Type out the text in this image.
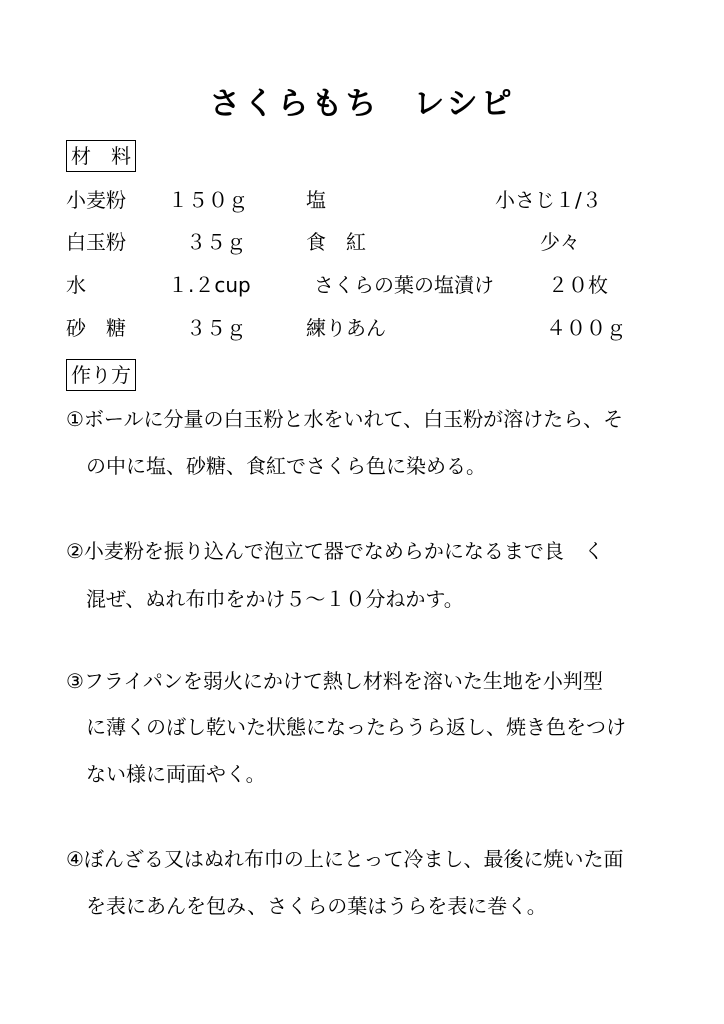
さくらもち　レシピ
材　料
小麦粉 １５０ｇ	塩	小さじ１/３
白玉粉	３５ｇ	食　紅	少々
水	１.２cup	さくらの葉の塩漬け	２０枚
砂　糖	３５ｇ	練りあん	４００ｇ
作り方
①ボールに分量の白玉粉と水をいれて、白玉粉が溶けたら、そ
　の中に塩、砂糖、食紅でさくら色に染める。
②小麦粉を振り込んで泡立て器でなめらかになるまで良　く
　混ぜ、ぬれ布巾をかけ５～１０分ねかす。
③フライパンを弱火にかけて熱し材料を溶いた生地を小判型
　に薄くのばし乾いた状態になったらうら返し、焼き色をつけ
　ない様に両面やく。
④ぼんざる又はぬれ布巾の上にとって冷まし、最後に焼いた面
　を表にあんを包み、さくらの葉はうらを表に巻く。
